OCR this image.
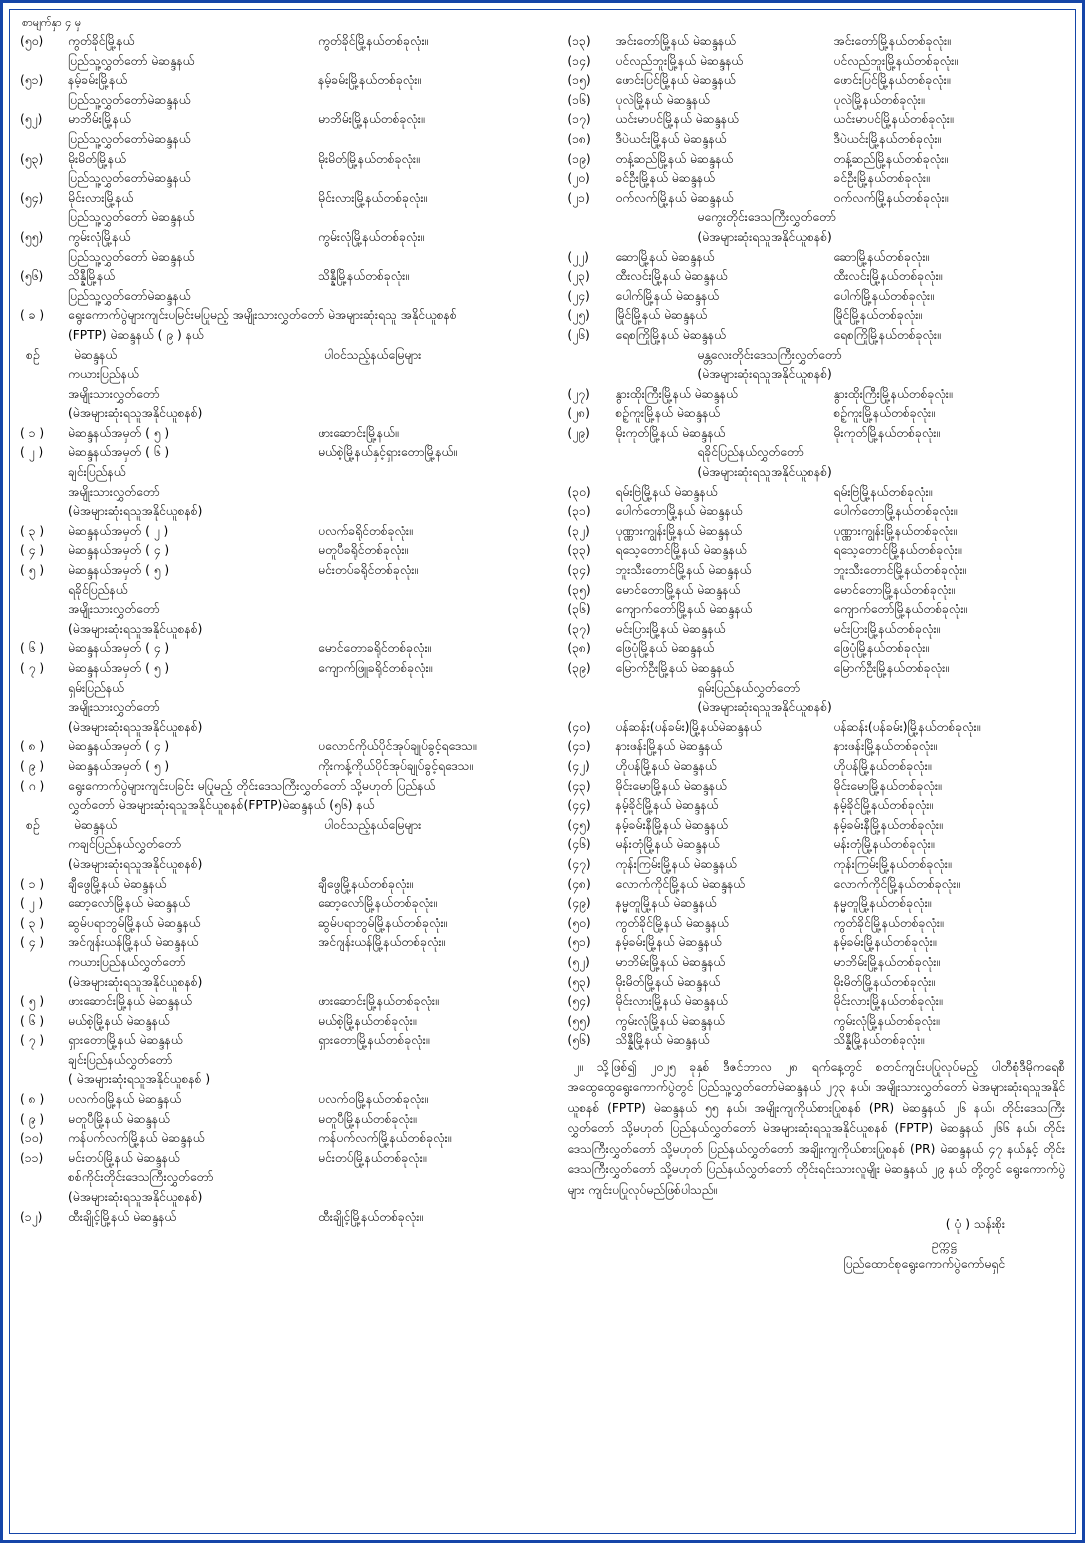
စာမျက်နှာ ၄ မှ
(၅၀)	ကွတ်ခိုင်မြို့နယ်	ကွတ်ခိုင်မြို့နယ်တစ်ခုလုံး။
ပြည်သူ့လွှတ်တော် မဲဆန္ဒနယ်
(၅၁)	နမ့်ခမ်းမြို့နယ်	နမ့်ခမ်းမြို့နယ်တစ်ခုလုံး။
ပြည်သူ့လွှတ်တော်မဲဆန္ဒနယ်
(၅၂)	မာဘိမ်းမြို့နယ်	မာဘိမ်းမြို့နယ်တစ်ခုလုံး။
ပြည်သူ့လွှတ်တော်မဲဆန္ဒနယ်
(၅၃)	မိုးမိတ်မြို့နယ်	မိုးမိတ်မြို့နယ်တစ်ခုလုံး။
ပြည်သူ့လွှတ်တော်မဲဆန္ဒနယ်
(၅၄)	မိုင်းလားမြို့နယ်	မိုင်းလားမြို့နယ်တစ်ခုလုံး။
ပြည်သူ့လွှတ်တော် မဲဆန္ဒနယ်
(၅၅)	ကွမ်းလုံမြို့နယ်	ကွမ်းလုံမြို့နယ်တစ်ခုလုံး။
ပြည်သူ့လွှတ်တော် မဲဆန္ဒနယ်
(၅၆)	သိန္နီမြို့နယ်	သိန္နီမြို့နယ်တစ်ခုလုံး။
ပြည်သူ့လွှတ်တော်မဲဆန္ဒနယ်
( ခ )	ရွေးကောက်ပွဲများကျင်းပမြင်းမပြုမည့် အမျိုးသားလွှတ်တော် မဲအများဆုံးရသူ အနိုင်ယူစနစ်
(FPTP) မဲဆန္ဒနယ် ( ၉ ) နယ်
စဉ်	မဲဆန္ဒနယ်	ပါဝင်သည့်နယ်မြေများ
ကယားပြည်နယ်
အမျိုးသားလွှတ်တော်
(မဲအများဆုံးရသူအနိုင်ယူစနစ်)
( ၁ )	မဲဆန္ဒနယ်အမှတ် ( ၅ )	ဖားဆောင်းမြို့နယ်။
( ၂ )	မဲဆန္ဒနယ်အမှတ် ( ၆ )	မယ်စဲ့မြို့နယ်နှင့်ရှားတောမြို့နယ်။
ချင်းပြည်နယ်
အမျိုးသားလွှတ်တော်
(မဲအများဆုံးရသူအနိုင်ယူစနစ်)
( ၃ )	မဲဆန္ဒနယ်အမှတ် ( ၂ )	ပလက်ခရိုင်တစ်ခုလုံး။
( ၄ )	မဲဆန္ဒနယ်အမှတ် ( ၄ )	မတူပီခရိုင်တစ်ခုလုံး။
( ၅ )	မဲဆန္ဒနယ်အမှတ် ( ၅ )	မင်းတပ်ခရိုင်တစ်ခုလုံး။
ရခိုင်ပြည်နယ်
အမျိုးသားလွှတ်တော်
(မဲအများဆုံးရသူအနိုင်ယူစနစ်)
( ၆ )	မဲဆန္ဒနယ်အမှတ် ( ၄ )	မောင်တောခရိုင်တစ်ခုလုံး။
( ၇ )	မဲဆန္ဒနယ်အမှတ် ( ၅ )	ကျောက်ဖြူခရိုင်တစ်ခုလုံး။
ရှမ်းပြည်နယ်
အမျိုးသားလွှတ်တော်
(မဲအများဆုံးရသူအနိုင်ယူစနစ်)
( ၈ )	မဲဆန္ဒနယ်အမှတ် ( ၄ )	ပလောင်ကိုယ်ပိုင်အုပ်ချုပ်ခွင့်ရဒေသ။
( ၉ )	မဲဆန္ဒနယ်အမှတ် ( ၅ )	ကိုးကန့်ကိုယ်ပိုင်အုပ်ချုပ်ခွင့်ရဒေသ။
( ဂ )	ရွေးကောက်ပွဲများကျင်းပခြင်း မပြုမည့် တိုင်းဒေသကြီးလွှတ်တော် သို့မဟုတ် ပြည်နယ်
လွှတ်တော် မဲအများဆုံးရသူအနိုင်ယူစနစ်(FPTP)မဲဆန္ဒနယ် (၅၆) နယ်
စဉ်	မဲဆန္ဒနယ်	ပါဝင်သည့်နယ်မြေများ
ကချင်ပြည်နယ်လွှတ်တော်
(မဲအများဆုံးရသူအနိုင်ယူစနစ်)
( ၁ )	ချီဖွေမြို့နယ် မဲဆန္ဒနယ်	ချီဖွေမြို့နယ်တစ်ခုလုံး။
( ၂ )	ဆော့လော်မြို့နယ် မဲဆန္ဒနယ်	ဆော့လော်မြို့နယ်တစ်ခုလုံး။
( ၃ )	ဆွမ်ပရာဘွမ်မြို့နယ် မဲဆန္ဒနယ်	ဆွမ်ပရာဘွမ်မြို့နယ်တစ်ခုလုံး။
( ၄ )	အင်ဂျန်းယန်မြို့နယ် မဲဆန္ဒနယ်	အင်ဂျန်းယန်မြို့နယ်တစ်ခုလုံး။
ကယားပြည်နယ်လွှတ်တော်
(မဲအများဆုံးရသူအနိုင်ယူစနစ်)
( ၅ )	ဖားဆောင်းမြို့နယ် မဲဆန္ဒနယ်	ဖားဆောင်းမြို့နယ်တစ်ခုလုံး။
( ၆ )	မယ်စဲ့မြို့နယ် မဲဆန္ဒနယ်	မယ်စဲ့မြို့နယ်တစ်ခုလုံး။
( ၇ )	ရှားတောမြို့နယ် မဲဆန္ဒနယ်	ရှားတောမြို့နယ်တစ်ခုလုံး။
ချင်းပြည်နယ်လွှတ်တော်
( မဲအများဆုံးရသူအနိုင်ယူစနစ် )
( ၈ )	ပလက်ဝမြို့နယ် မဲဆန္ဒနယ်	ပလက်ဝမြို့နယ်တစ်ခုလုံး။
( ၉ )	မတူပီမြို့နယ် မဲဆန္ဒနယ်	မတူပီမြို့နယ်တစ်ခုလုံး။
(၁၀)	ကန်ပက်လက်မြို့နယ် မဲဆန္ဒနယ်	ကန်ပက်လက်မြို့နယ်တစ်ခုလုံး။
(၁၁)	မင်းတပ်မြို့နယ် မဲဆန္ဒနယ်	မင်းတပ်မြို့နယ်တစ်ခုလုံး။
စစ်ကိုင်းတိုင်းဒေသကြီးလွှတ်တော်
(မဲအများဆုံးရသူအနိုင်ယူစနစ်)
(၁၂)	ထီးချိုင့်မြို့နယ် မဲဆန္ဒနယ်	ထီးချိုင့်မြို့နယ်တစ်ခုလုံး။
(၁၃)	အင်းတော်မြို့နယ် မဲဆန္ဒနယ်	အင်းတော်မြို့နယ်တစ်ခုလုံး။
(၁၄)	ပင်လည်ဘူးမြို့နယ် မဲဆန္ဒနယ်	ပင်လည်ဘူးမြို့နယ်တစ်ခုလုံး။
(၁၅)	ဖောင်းပြင်မြို့နယ် မဲဆန္ဒနယ်	ဖောင်းပြင်မြို့နယ်တစ်ခုလုံး။
(၁၆)	ပုလဲမြို့နယ် မဲဆန္ဒနယ်	ပုလဲမြို့နယ်တစ်ခုလုံး။
(၁၇)	ယင်းမာပင်မြို့နယ် မဲဆန္ဒနယ်	ယင်းမာပင်မြို့နယ်တစ်ခုလုံး။
(၁၈)	ဒီပဲယင်းမြို့နယ် မဲဆန္ဒနယ်	ဒီပဲယင်းမြို့နယ်တစ်ခုလုံး။
(၁၉)	တန့်ဆည်မြို့နယ် မဲဆန္ဒနယ်	တန့်ဆည်မြို့နယ်တစ်ခုလုံး။
(၂၀)	ခင်ဦးမြို့နယ် မဲဆန္ဒနယ်	ခင်ဦးမြို့နယ်တစ်ခုလုံး။
(၂၁)	ဝက်လက်မြို့နယ် မဲဆန္ဒနယ်	ဝက်လက်မြို့နယ်တစ်ခုလုံး။
မကွေးတိုင်းဒေသကြီးလွှတ်တော်
(မဲအများဆုံးရသူအနိုင်ယူစနစ်)
(၂၂)	ဆောမြို့နယ် မဲဆန္ဒနယ်	ဆောမြို့နယ်တစ်ခုလုံး။
(၂၃)	ထီးလင်းမြို့နယ် မဲဆန္ဒနယ်	ထီးလင်းမြို့နယ်တစ်ခုလုံး။
(၂၄)	ပေါက်မြို့နယ် မဲဆန္ဒနယ်	ပေါက်မြို့နယ်တစ်ခုလုံး။
(၂၅)	မြိုင်မြို့နယ် မဲဆန္ဒနယ်	မြိုင်မြို့နယ်တစ်ခုလုံး။
(၂၆)	ရေစကြိုမြို့နယ် မဲဆန္ဒနယ်	ရေစကြိုမြို့နယ်တစ်ခုလုံး။
မန္တလေးတိုင်းဒေသကြီးလွှတ်တော်
(မဲအများဆုံးရသူအနိုင်ယူစနစ်)
(၂၇)	နွားထိုးကြီးမြို့နယ် မဲဆန္ဒနယ်	နွားထိုးကြီးမြို့နယ်တစ်ခုလုံး။
(၂၈)	စဉ့်ကူးမြို့နယ် မဲဆန္ဒနယ်	စဉ့်ကူးမြို့နယ်တစ်ခုလုံး။
(၂၉)	မိုးကုတ်မြို့နယ် မဲဆန္ဒနယ်	မိုးကုတ်မြို့နယ်တစ်ခုလုံး။
ရခိုင်ပြည်နယ်လွှတ်တော်
(မဲအများဆုံးရသူအနိုင်ယူစနစ်)
(၃၀)	ရမ်းဗြဲမြို့နယ် မဲဆန္ဒနယ်	ရမ်းဗြဲမြို့နယ်တစ်ခုလုံး။
(၃၁)	ပေါက်တောမြို့နယ် မဲဆန္ဒနယ်	ပေါက်တောမြို့နယ်တစ်ခုလုံး။
(၃၂)	ပုဏ္ဏားကျွန်းမြို့နယ် မဲဆန္ဒနယ်	ပုဏ္ဏားကျွန်းမြို့နယ်တစ်ခုလုံး။
(၃၃)	ရသေ့တောင်မြို့နယ် မဲဆန္ဒနယ်	ရသေ့တောင်မြို့နယ်တစ်ခုလုံး။
(၃၄)	ဘူးသီးတောင်မြို့နယ် မဲဆန္ဒနယ်	ဘူးသီးတောင်မြို့နယ်တစ်ခုလုံး။
(၃၅)	မောင်တောမြို့နယ် မဲဆန္ဒနယ်	မောင်တောမြို့နယ်တစ်ခုလုံး။
(၃၆)	ကျောက်တော်မြို့နယ် မဲဆန္ဒနယ်	ကျောက်တော်မြို့နယ်တစ်ခုလုံး။
(၃၇)	မင်းပြားမြို့နယ် မဲဆန္ဒနယ်	မင်းပြားမြို့နယ်တစ်ခုလုံး။
(၃၈)	ဖြေပုံမြို့နယ် မဲဆန္ဒနယ်	ဖြေပုံမြို့နယ်တစ်ခုလုံး။
(၃၉)	မြောက်ဦးမြို့နယ် မဲဆန္ဒနယ်	မြောက်ဦးမြို့နယ်တစ်ခုလုံး။
ရှမ်းပြည်နယ်လွှတ်တော်
(မဲအများဆုံးရသူအနိုင်ယူစနစ်)
(၄၀)	ပန်ဆန်း(ပန်ခမ်း)မြို့နယ်မဲဆန္ဒနယ်	ပန်ဆန်း(ပန်ခမ်း)မြို့နယ်တစ်ခုလုံး။
(၄၁)	နားဖန်းမြို့နယ် မဲဆန္ဒနယ်	နားဖန်းမြို့နယ်တစ်ခုလုံး။
(၄၂)	ဟိုပန်မြို့နယ် မဲဆန္ဒနယ်	ဟိုပန်မြို့နယ်တစ်ခုလုံး။
(၄၃)	မိုင်းမောမြို့နယ် မဲဆန္ဒနယ်	မိုင်းမောမြို့နယ်တစ်ခုလုံး။
(၄၄)	နမ့်ခိုင်မြို့နယ် မဲဆန္ဒနယ်	နမ့်ခိုင်မြို့နယ်တစ်ခုလုံး။
(၄၅)	နမ့်ခမ်းနီမြို့နယ် မဲဆန္ဒနယ်	နမ့်ခမ်းနီမြို့နယ်တစ်ခုလုံး။
(၄၆)	မန်းတုံမြို့နယ် မဲဆန္ဒနယ်	မန်းတုံမြို့နယ်တစ်ခုလုံး။
(၄၇)	ကုန်းကြမ်းမြို့နယ် မဲဆန္ဒနယ်	ကုန်းကြမ်းမြို့နယ်တစ်ခုလုံး။
(၄၈)	လောက်ကိုင်မြို့နယ် မဲဆန္ဒနယ်	လောက်ကိုင်မြို့နယ်တစ်ခုလုံး။
(၄၉)	နမ္မတူမြို့နယ် မဲဆန္ဒနယ်	နမ္မတူမြို့နယ်တစ်ခုလုံး။
(၅၀)	ကွတ်ခိုင်မြို့နယ် မဲဆန္ဒနယ်	ကွတ်ခိုင်မြို့နယ်တစ်ခုလုံး။
(၅၁)	နမ့်ခမ်းမြို့နယ် မဲဆန္ဒနယ်	နမ့်ခမ်းမြို့နယ်တစ်ခုလုံး။
(၅၂)	မာဘိမ်းမြို့နယ် မဲဆန္ဒနယ်	မာဘိမ်းမြို့နယ်တစ်ခုလုံး။
(၅၃)	မိုးမိတ်မြို့နယ် မဲဆန္ဒနယ်	မိုးမိတ်မြို့နယ်တစ်ခုလုံး။
(၅၄)	မိုင်းလားမြို့နယ် မဲဆန္ဒနယ်	မိုင်းလားမြို့နယ်တစ်ခုလုံး။
(၅၅)	ကွမ်းလုံမြို့နယ် မဲဆန္ဒနယ်	ကွမ်းလုံမြို့နယ်တစ်ခုလုံး။
(၅၆)	သိန္နီမြို့နယ် မဲဆန္ဒနယ်	သိန္နီမြို့နယ်တစ်ခုလုံး။
၂။ သို့ဖြစ်၍ ၂၀၂၅ ခုနှစ် ဒီဇင်ဘာလ ၂၈ ရက်နေ့တွင် စတင်ကျင်းပပြုလုပ်မည့် ပါတီစုံဒီမိုကရေစီ အထွေထွေရွေးကောက်ပွဲတွင် ပြည်သူ့လွှတ်တော်မဲဆန္ဒနယ် ၂၇၃ နယ်၊ အမျိုးသားလွှတ်တော် မဲအများဆုံးရသူအနိုင်ယူစနစ် (FPTP) မဲဆန္ဒနယ် ၅၅ နယ်၊ အမျိုးကျကိုယ်စားပြုစနစ် (PR) မဲဆန္ဒနယ် ၂၆ နယ်၊ တိုင်းဒေသကြီးလွှတ်တော် သို့မဟုတ် ပြည်နယ်လွှတ်တော် မဲအများဆုံးရသူအနိုင်ယူစနစ် (FPTP) မဲဆန္ဒနယ် ၂၆၆ နယ်၊ တိုင်းဒေသကြီးလွှတ်တော် သို့မဟုတ် ပြည်နယ်လွှတ်တော် အချိုးကျကိုယ်စားပြုစနစ် (PR) မဲဆန္ဒနယ် ၄၇ နယ်နှင့် တိုင်းဒေသကြီးလွှတ်တော် သို့မဟုတ် ပြည်နယ်လွှတ်တော် တိုင်းရင်းသားလူမျိုး မဲဆန္ဒနယ် ၂၉ နယ် တို့တွင် ရွေးကောက်ပွဲများ ကျင်းပပြုလုပ်မည်ဖြစ်ပါသည်။
( ပုံ ) သန်းစိုး
ဥက္ကဋ္ဌ
ပြည်ထောင်စုရွေးကောက်ပွဲကော်မရှင်
